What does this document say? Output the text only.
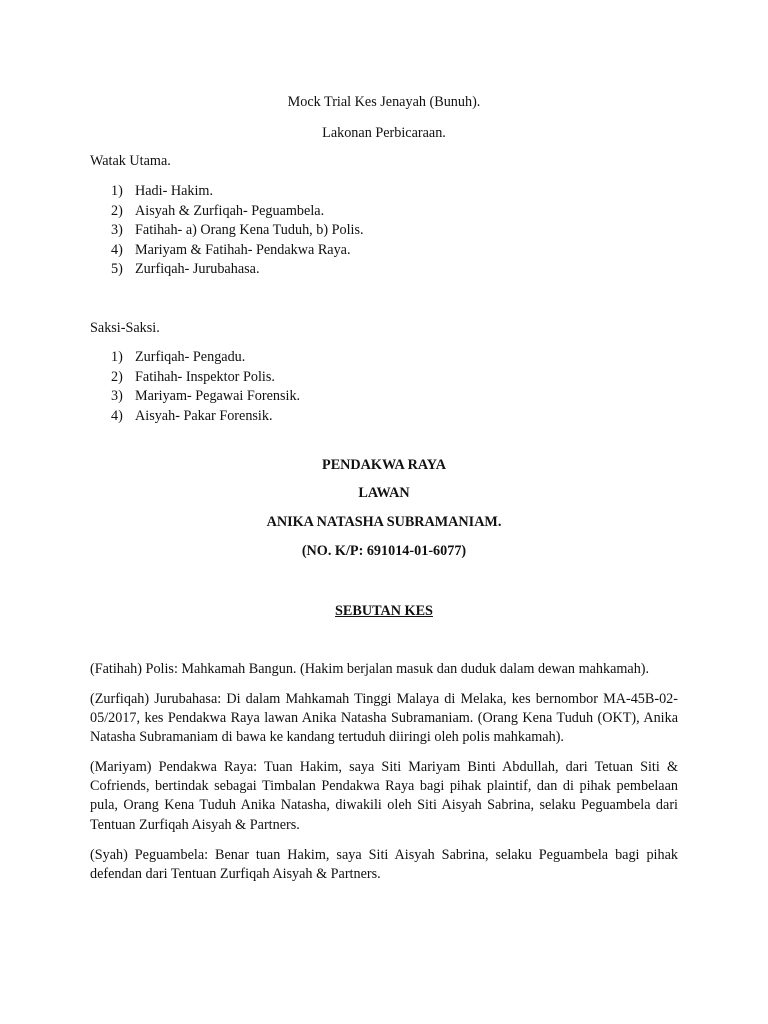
Mock Trial Kes Jenayah (Bunuh).
Lakonan Perbicaraan.
Watak Utama.
1) Hadi- Hakim.
2) Aisyah & Zurfiqah- Peguambela.
3) Fatihah- a) Orang Kena Tuduh, b) Polis.
4) Mariyam & Fatihah- Pendakwa Raya.
5) Zurfiqah- Jurubahasa.
Saksi-Saksi.
1) Zurfiqah- Pengadu.
2) Fatihah- Inspektor Polis.
3) Mariyam- Pegawai Forensik.
4) Aisyah- Pakar Forensik.
PENDAKWA RAYA
LAWAN
ANIKA NATASHA SUBRAMANIAM.
(NO. K/P: 691014-01-6077)
SEBUTAN KES
(Fatihah) Polis: Mahkamah Bangun. (Hakim berjalan masuk dan duduk dalam dewan mahkamah).
(Zurfiqah) Jurubahasa: Di dalam Mahkamah Tinggi Malaya di Melaka, kes bernombor MA-45B-02-05/2017, kes Pendakwa Raya lawan Anika Natasha Subramaniam. (Orang Kena Tuduh (OKT), Anika Natasha Subramaniam di bawa ke kandang tertuduh diiringi oleh polis mahkamah).
(Mariyam) Pendakwa Raya: Tuan Hakim, saya Siti Mariyam Binti Abdullah, dari Tetuan Siti & Cofriends, bertindak sebagai Timbalan Pendakwa Raya bagi pihak plaintif, dan di pihak pembelaan pula, Orang Kena Tuduh Anika Natasha, diwakili oleh Siti Aisyah Sabrina, selaku Peguambela dari Tentuan Zurfiqah Aisyah & Partners.
(Syah) Peguambela: Benar tuan Hakim, saya Siti Aisyah Sabrina, selaku Peguambela bagi pihak defendan dari Tentuan Zurfiqah Aisyah & Partners.
